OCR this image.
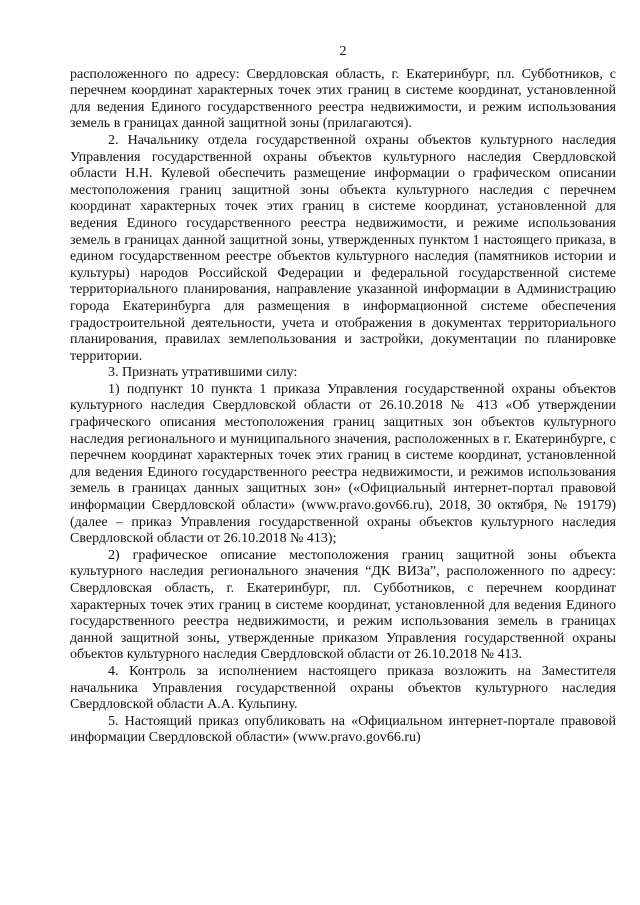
2

расположенного по адресу: Свердловская область, г. Екатеринбург, пл. Субботников, с перечнем координат характерных точек этих границ в системе координат, установленной для ведения Единого государственного реестра недвижимости, и режим использования земель в границах данной защитной зоны (прилагаются).

2. Начальнику отдела государственной охраны объектов культурного наследия Управления государственной охраны объектов культурного наследия Свердловской области Н.Н. Кулевой обеспечить размещение информации о графическом описании местоположения границ защитной зоны объекта культурного наследия с перечнем координат характерных точек этих границ в системе координат, установленной для ведения Единого государственного реестра недвижимости, и режиме использования земель в границах данной защитной зоны, утвержденных пунктом 1 настоящего приказа, в едином государственном реестре объектов культурного наследия (памятников истории и культуры) народов Российской Федерации и федеральной государственной системе территориального планирования, направление указанной информации в Администрацию города Екатеринбурга для размещения в информационной системе обеспечения градостроительной деятельности, учета и отображения в документах территориального планирования, правилах землепользования и застройки, документации по планировке территории.

3. Признать утратившими силу:

1) подпункт 10 пункта 1 приказа Управления государственной охраны объектов культурного наследия Свердловской области от 26.10.2018 № 413 «Об утверждении графического описания местоположения границ защитных зон объектов культурного наследия регионального и муниципального значения, расположенных в г. Екатеринбурге, с перечнем координат характерных точек этих границ в системе координат, установленной для ведения Единого государственного реестра недвижимости, и режимов использования земель в границах данных защитных зон» («Официальный интернет-портал правовой информации Свердловской области» (www.pravo.gov66.ru), 2018, 30 октября, № 19179) (далее – приказ Управления государственной охраны объектов культурного наследия Свердловской области от 26.10.2018 № 413);

2) графическое описание местоположения границ защитной зоны объекта культурного наследия регионального значения “ДК ВИЗа”, расположенного по адресу: Свердловская область, г. Екатеринбург, пл. Субботников, с перечнем координат характерных точек этих границ в системе координат, установленной для ведения Единого государственного реестра недвижимости, и режим использования земель в границах данной защитной зоны, утвержденные приказом Управления государственной охраны объектов культурного наследия Свердловской области от 26.10.2018 № 413.

4. Контроль за исполнением настоящего приказа возложить на Заместителя начальника Управления государственной охраны объектов культурного наследия Свердловской области А.А. Кульпину.

5. Настоящий приказ опубликовать на «Официальном интернет-портале правовой информации Свердловской области» (www.pravo.gov66.ru)
